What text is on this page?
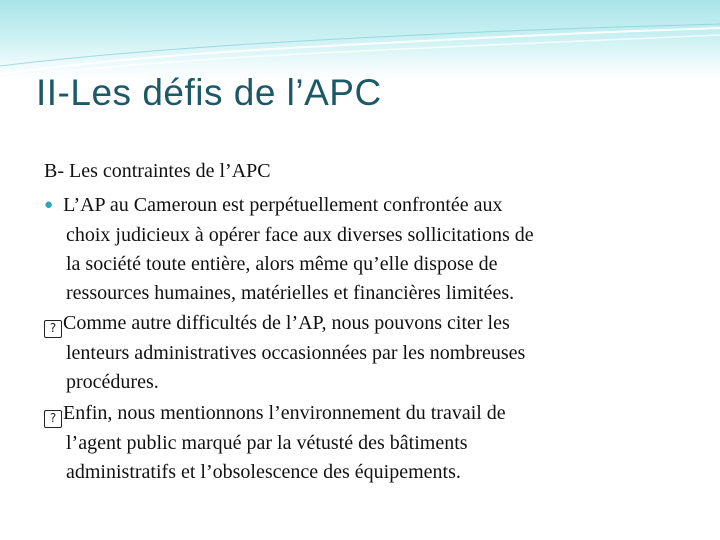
II-Les défis de l’APC

B- Les contraintes de l’APC

● L’AP au Cameroun est perpétuellement confrontée aux

choix judicieux à opérer face aux diverses sollicitations de

la société toute entière, alors même qu’elle dispose de

ressources humaines, matérielles et financières limitées.

? Comme autre difficultés de l’AP, nous pouvons citer les

lenteurs administratives occasionnées par les nombreuses

procédures.

? Enfin, nous mentionnons l’environnement du travail de

l’agent public marqué par la vétusté des bâtiments

administratifs et l’obsolescence des équipements.
